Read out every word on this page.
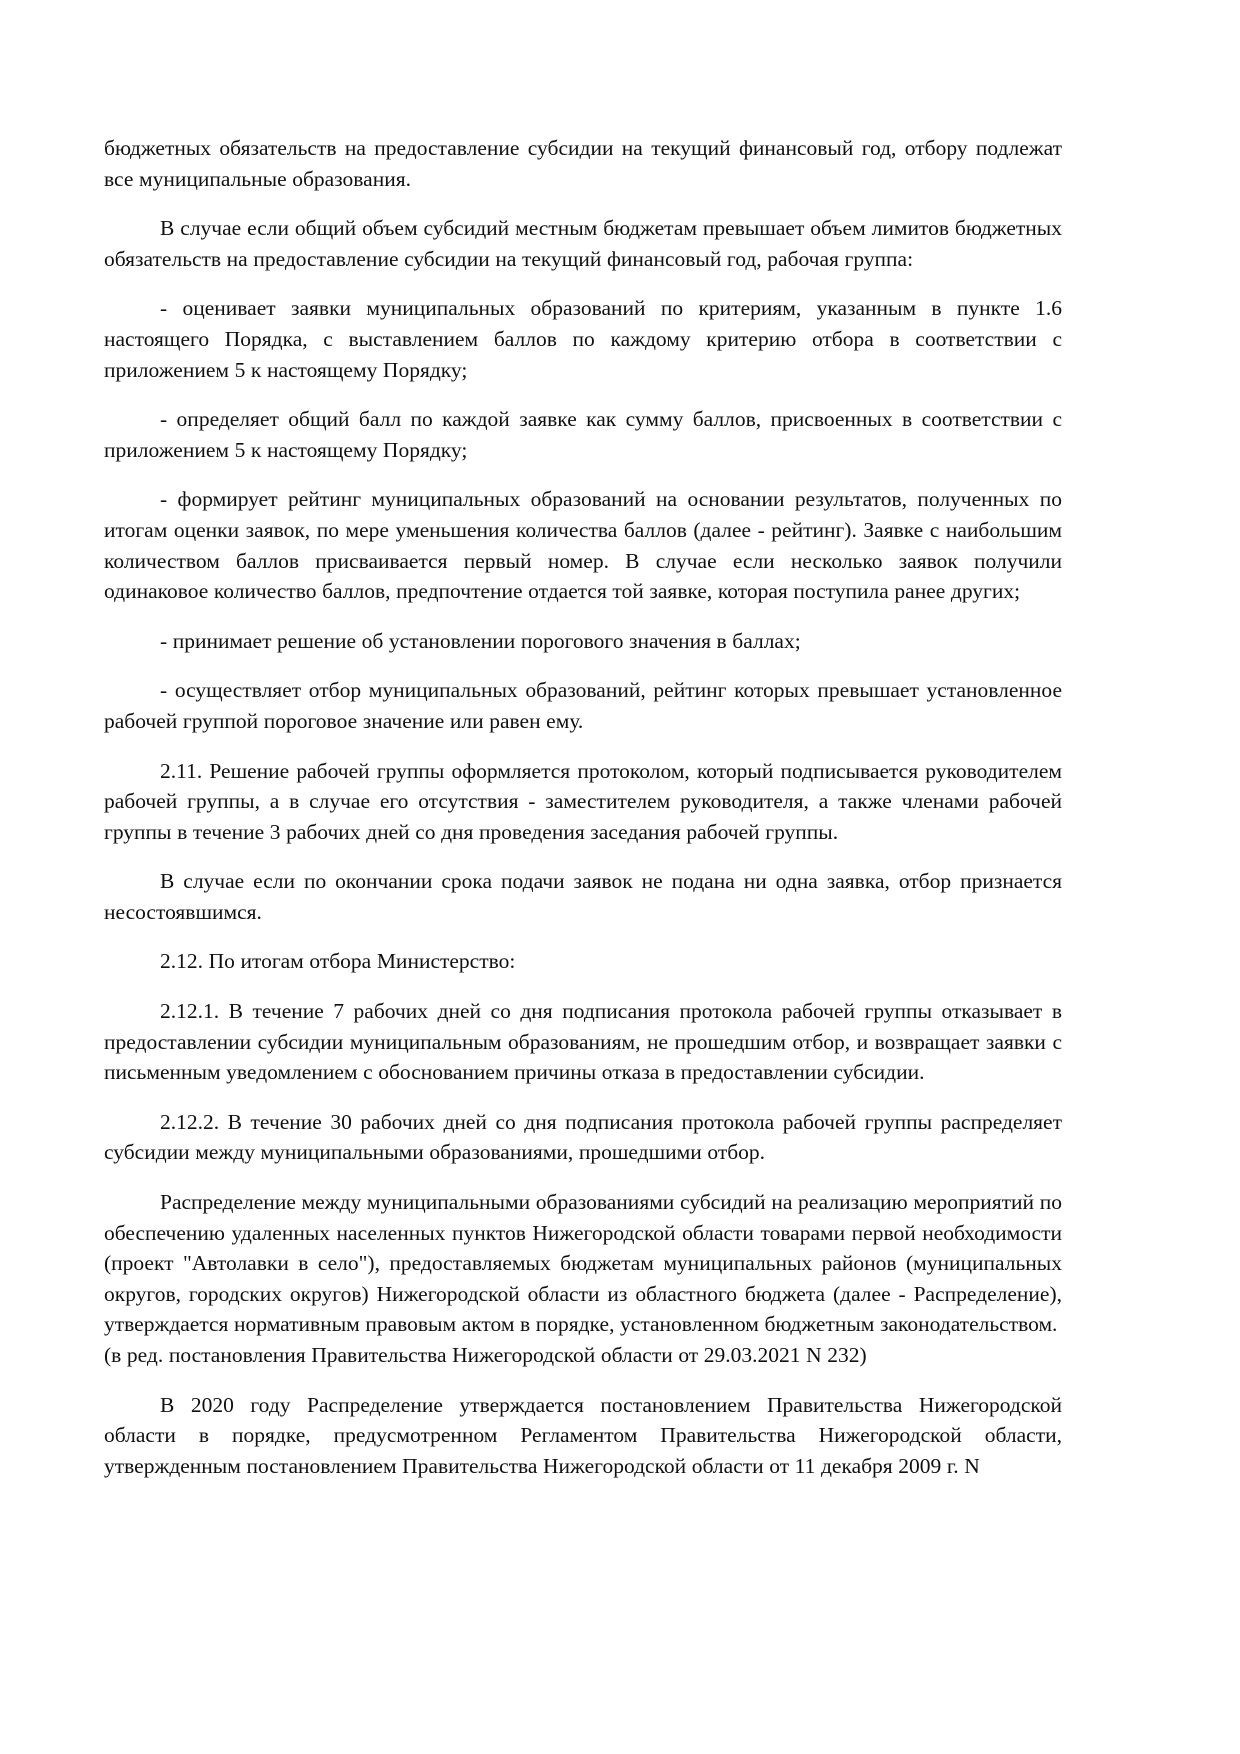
бюджетных обязательств на предоставление субсидии на текущий финансовый год, отбору подлежат все муниципальные образования.

В случае если общий объем субсидий местным бюджетам превышает объем лимитов бюджетных обязательств на предоставление субсидии на текущий финансовый год, рабочая группа:

- оценивает заявки муниципальных образований по критериям, указанным в пункте 1.6 настоящего Порядка, с выставлением баллов по каждому критерию отбора в соответствии с приложением 5 к настоящему Порядку;

- определяет общий балл по каждой заявке как сумму баллов, присвоенных в соответствии с приложением 5 к настоящему Порядку;

- формирует рейтинг муниципальных образований на основании результатов, полученных по итогам оценки заявок, по мере уменьшения количества баллов (далее - рейтинг). Заявке с наибольшим количеством баллов присваивается первый номер. В случае если несколько заявок получили одинаковое количество баллов, предпочтение отдается той заявке, которая поступила ранее других;

- принимает решение об установлении порогового значения в баллах;

- осуществляет отбор муниципальных образований, рейтинг которых превышает установленное рабочей группой пороговое значение или равен ему.

2.11. Решение рабочей группы оформляется протоколом, который подписывается руководителем рабочей группы, а в случае его отсутствия - заместителем руководителя, а также членами рабочей группы в течение 3 рабочих дней со дня проведения заседания рабочей группы.

В случае если по окончании срока подачи заявок не подана ни одна заявка, отбор признается несостоявшимся.

2.12. По итогам отбора Министерство:

2.12.1. В течение 7 рабочих дней со дня подписания протокола рабочей группы отказывает в предоставлении субсидии муниципальным образованиям, не прошедшим отбор, и возвращает заявки с письменным уведомлением с обоснованием причины отказа в предоставлении субсидии.

2.12.2. В течение 30 рабочих дней со дня подписания протокола рабочей группы распределяет субсидии между муниципальными образованиями, прошедшими отбор.

Распределение между муниципальными образованиями субсидий на реализацию мероприятий по обеспечению удаленных населенных пунктов Нижегородской области товарами первой необходимости (проект "Автолавки в село"), предоставляемых бюджетам муниципальных районов (муниципальных округов, городских округов) Нижегородской области из областного бюджета (далее - Распределение), утверждается нормативным правовым актом в порядке, установленном бюджетным законодательством.

(в ред. постановления Правительства Нижегородской области от 29.03.2021 N 232)

В 2020 году Распределение утверждается постановлением Правительства Нижегородской области в порядке, предусмотренном Регламентом Правительства Нижегородской области, утвержденным постановлением Правительства Нижегородской области от 11 декабря 2009 г. N
